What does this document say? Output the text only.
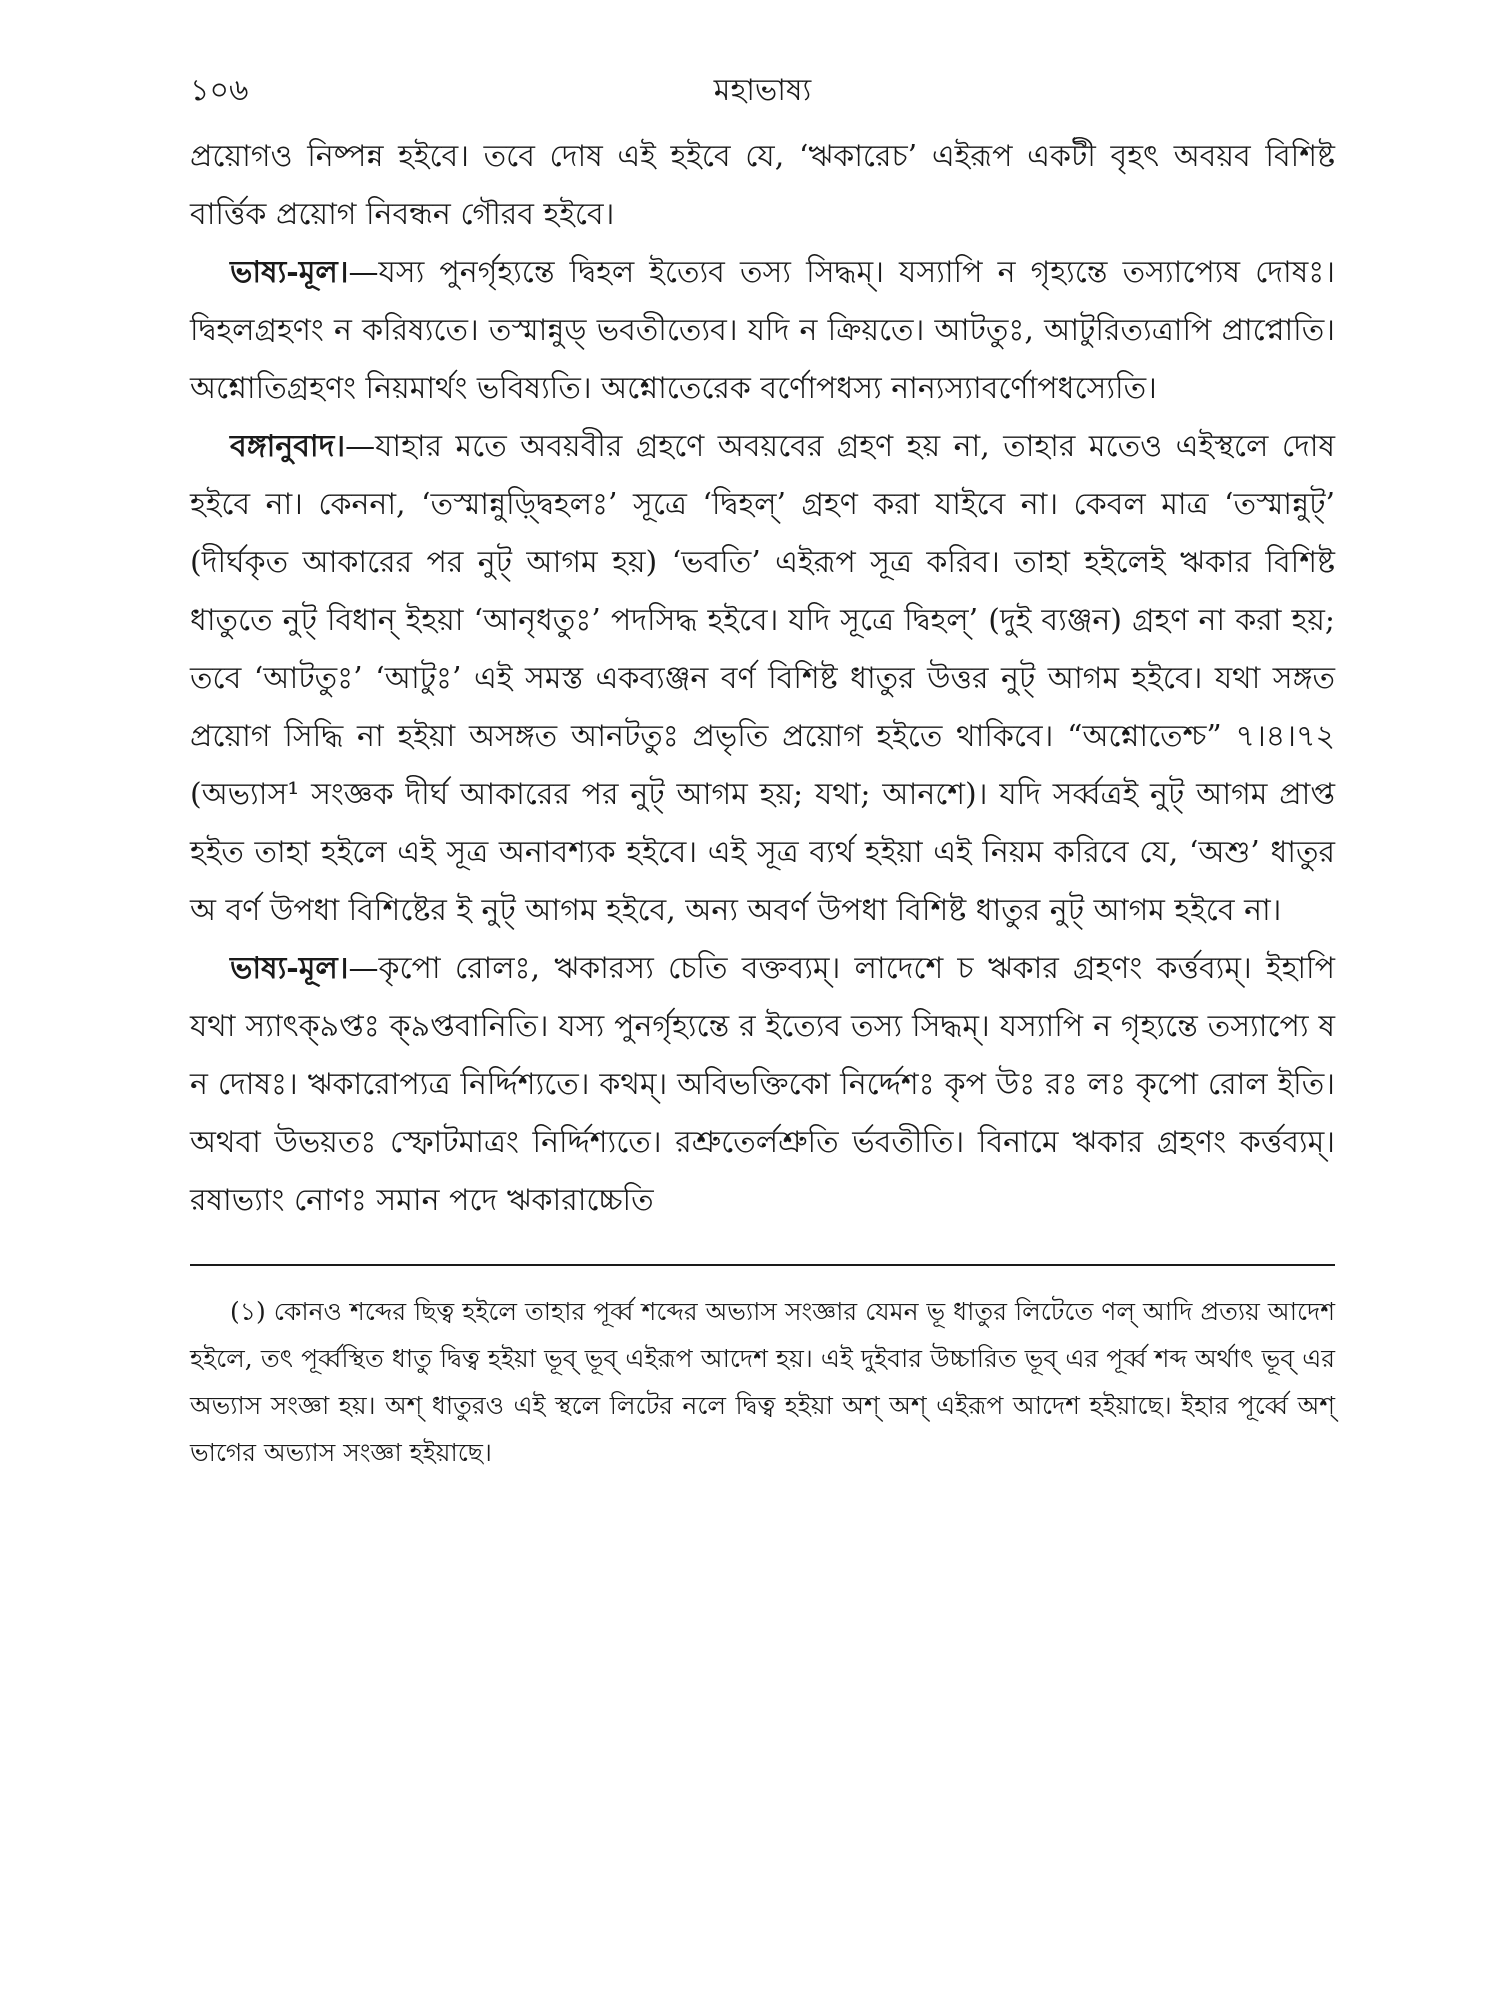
১০৬	মহাভাষ্য

প্রয়োগও নিষ্পন্ন হইবে। তবে দোষ এই হইবে যে, ‘ঋকারেচ’ এইরূপ একটী বৃহৎ অবয়ব বিশিষ্ট বার্ত্তিক প্রয়োগ নিবন্ধন গৌরব হইবে।

ভাষ্য-মূল।—যস্য পুনর্গৃহ্যন্তে দ্বিহল ইত্যেব তস্য সিদ্ধম্। যস্যাপি ন গৃহ্যন্তে তস্যাপ্যেষ দোষঃ। দ্বিহলগ্রহণং ন করিষ্যতে। তস্মান্নুড্ ভবতীত্যেব। যদি ন ক্রিয়তে। আটতুঃ, আটুরিত্যত্রাপি প্রাপ্নোতি। অশ্নোতিগ্রহণং নিয়মার্থং ভবিষ্যতি। অশ্নোতেরেক বর্ণোপধস্য নান্যস্যাবর্ণোপধস্যেতি।

বঙ্গানুবাদ।—যাহার মতে অবয়বীর গ্রহণে অবয়বের গ্রহণ হয় না, তাহার মতেও এইস্থলে দোষ হইবে না। কেননা, ‘তস্মান্নুড়্দ্বিহলঃ’ সূত্রে ‘দ্বিহল্’ গ্রহণ করা যাইবে না। কেবল মাত্র ‘তস্মান্নুট্’ (দীর্ঘকৃত আকারের পর নুট্ আগম হয়) ‘ভবতি’ এইরূপ সূত্র করিব। তাহা হইলেই ঋকার বিশিষ্ট ধাতুতে নুট্ বিধান্ ইহয়া ‘আনৃধতুঃ’ পদসিদ্ধ হইবে। যদি সূত্রে দ্বিহল্’ (দুই ব্যঞ্জন) গ্রহণ না করা হয়; তবে ‘আটতুঃ’ ‘আটুঃ’ এই সমস্ত একব্যঞ্জন বর্ণ বিশিষ্ট ধাতুর উত্তর নুট্ আগম হইবে। যথা সঙ্গত প্রয়োগ সিদ্ধি না হইয়া অসঙ্গত আনটতুঃ প্রভৃতি প্রয়োগ হইতে থাকিবে। “অশ্নোতেশ্চ” ৭।৪।৭২ (অভ্যাস¹ সংজ্ঞক দীর্ঘ আকারের পর নুট্ আগম হয়; যথা; আনশে)। যদি সর্ব্বত্রই নুট্ আগম প্রাপ্ত হইত তাহা হইলে এই সূত্র অনাবশ্যক হইবে। এই সূত্র ব্যর্থ হইয়া এই নিয়ম করিবে যে, ‘অশু’ ধাতুর অ বর্ণ উপধা বিশিষ্টের ই নুট্ আগম হইবে, অন্য অবর্ণ উপধা বিশিষ্ট ধাতুর নুট্ আগম হইবে না।

ভাষ্য-মূল।—কৃপো রোলঃ, ঋকারস্য চেতি বক্তব্যম্। লাদেশে চ ঋকার গ্রহণং কর্ত্তব্যম্। ইহাপি যথা স্যাৎক্৯প্তঃ ক্৯প্তবানিতি। যস্য পুনর্গৃহ্যন্তে র ইত্যেব তস্য সিদ্ধম্। যস্যাপি ন গৃহ্যন্তে তস্যাপ্যে ষ ন দোষঃ। ঋকারোপ্যত্র নির্দ্দিশ্যতে। কথম্। অবিভক্তিকো নির্দ্দেশঃ কৃপ উঃ রঃ লঃ কৃপো রোল ইতি। অথবা উভয়তঃ স্ফোটমাত্রং নির্দ্দিশ্যতে। রশ্রুতের্লশ্রুতি র্ভবতীতি। বিনামে ঋকার গ্রহণং কর্ত্তব্যম্। রষাভ্যাং নোণঃ সমান পদে ঋকারাচ্চেতি

(১) কোনও শব্দের ছিত্ব হইলে তাহার পূর্ব্ব শব্দের অভ্যাস সংজ্ঞার যেমন ভূ ধাতুর লিটেতে ণল্ আদি প্রত্যয় আদেশ হইলে, তৎ পূর্ব্বস্থিত ধাতু দ্বিত্ব হইয়া ভূব্ ভূব্ এইরূপ আদেশ হয়। এই দুইবার উচ্চারিত ভূব্ এর পূর্ব্ব শব্দ অর্থাৎ ভূব্ এর অভ্যাস সংজ্ঞা হয়। অশ্ ধাতুরও এই স্থলে লিটের নলে দ্বিত্ব হইয়া অশ্ অশ্ এইরূপ আদেশ হইয়াছে। ইহার পূর্ব্বে অশ্ ভাগের অভ্যাস সংজ্ঞা হইয়াছে।
